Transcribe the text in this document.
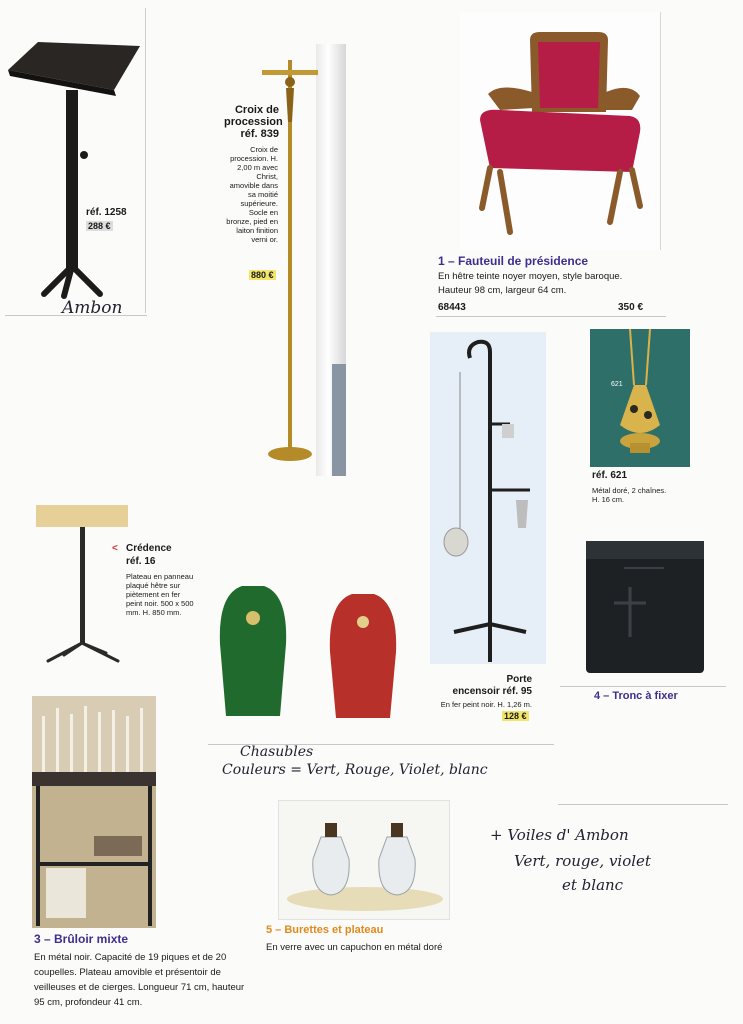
réf. 1258
288 €
Ambon
Croix de procession réf. 839
Croix de procession. H. 2,00 m avec Christ, amovible dans sa moitié supérieure. Socle en bronze, pied en laiton finition verni or.
880 €
1 – Fauteuil de présidence
En hêtre teinte noyer moyen, style baroque.
Hauteur 98 cm, largeur 64 cm.
68443	350 €
621
réf. 621
Métal doré, 2 chaînes. H. 16 cm.
Porte
encensoir réf. 95
En fer peint noir. H. 1,26 m.
128 €
4 – Tronc à fixer
< Crédence
réf. 16
Plateau en panneau plaqué hêtre sur piètement en fer peint noir. 500 x 500 mm. H. 850 mm.
Chasubles
Couleurs = Vert, Rouge, Violet, blanc
3 – Brûloir mixte
En métal noir. Capacité de 19 piques et de 20 coupelles. Plateau amovible et présentoir de veilleuses et de cierges. Longueur 71 cm, hauteur 95 cm, profondeur 41 cm.
5 – Burettes et plateau
En verre avec un capuchon en métal doré
+ Voiles d' Ambon
Vert, rouge, violet
et blanc
